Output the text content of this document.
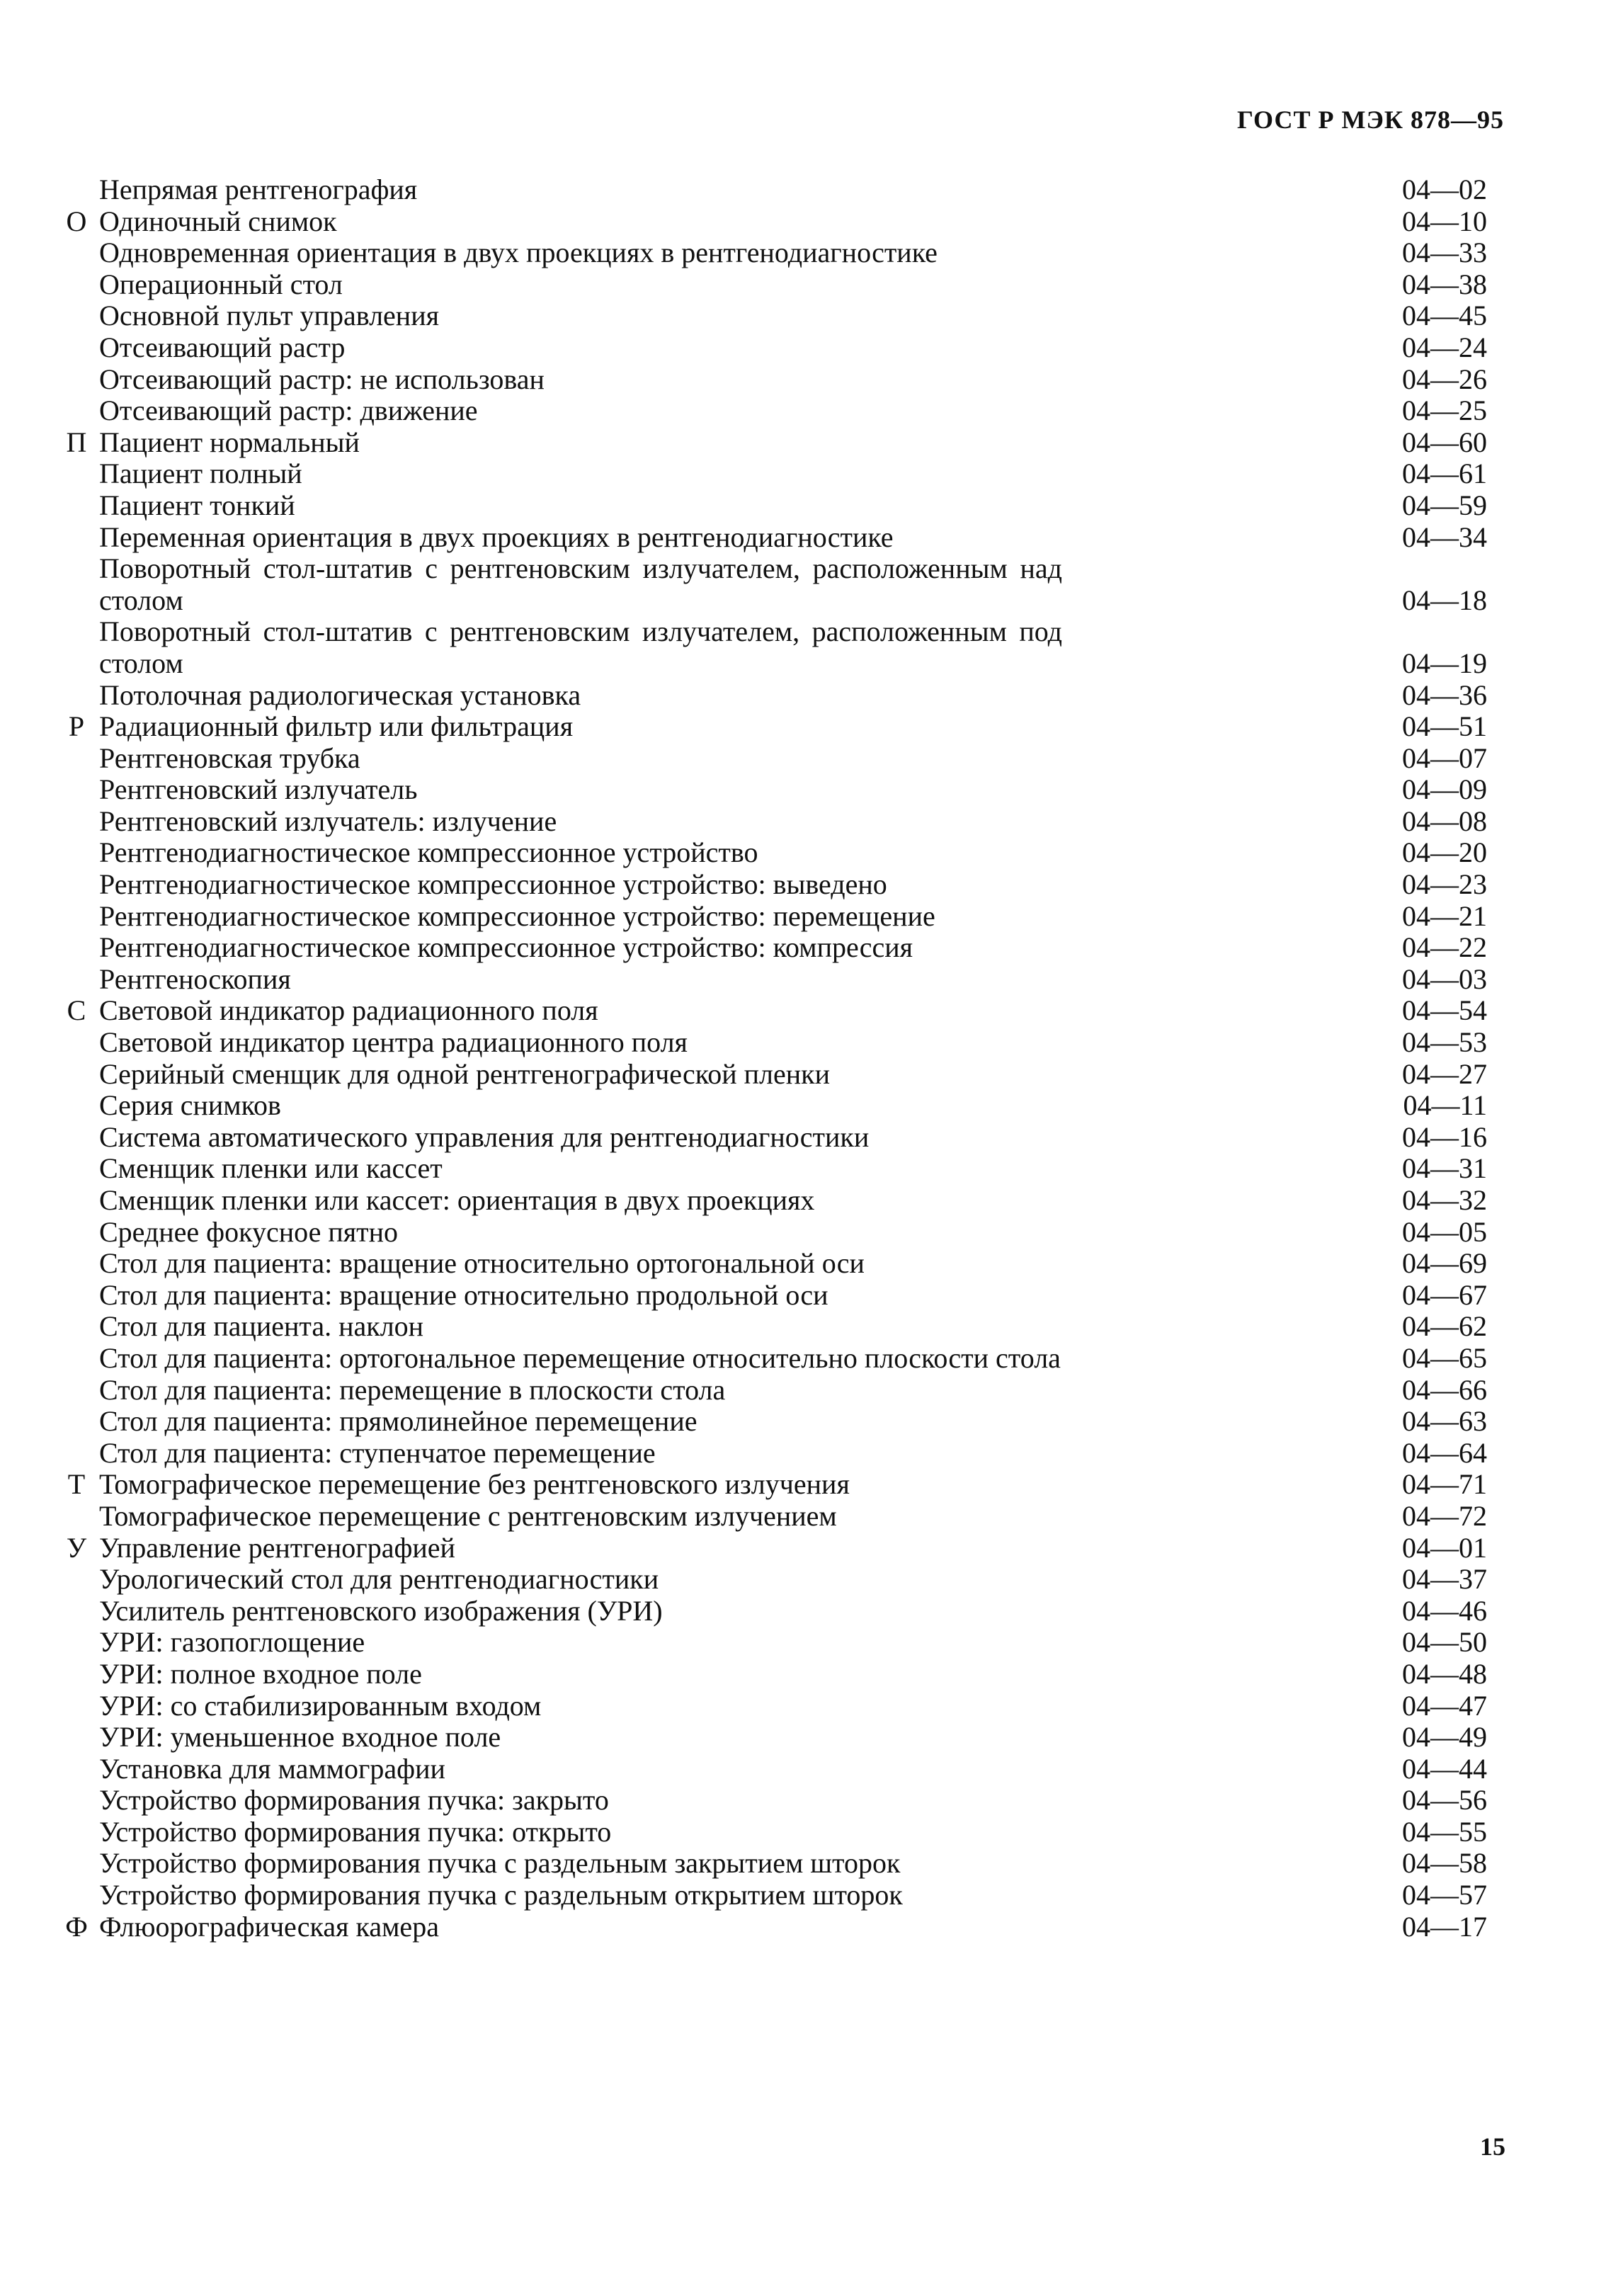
ГОСТ Р МЭК 878—95
Непрямая рентгенография	04—02
О Одиночный снимок	04—10
Одновременная ориентация в двух проекциях в рентгенодиагностике	04—33
Операционный стол	04—38
Основной пульт управления	04—45
Отсеивающий растр	04—24
Отсеивающий растр: не использован	04—26
Отсеивающий растр: движение	04—25
П Пациент нормальный	04—60
Пациент полный	04—61
Пациент тонкий	04—59
Переменная ориентация в двух проекциях в рентгенодиагностике	04—34
Поворотный стол-штатив с рентгеновским излучателем, расположенным над столом	04—18
Поворотный стол-штатив с рентгеновским излучателем, расположенным под столом	04—19
Потолочная радиологическая установка	04—36
Р Радиационный фильтр или фильтрация	04—51
Рентгеновская трубка	04—07
Рентгеновский излучатель	04—09
Рентгеновский излучатель: излучение	04—08
Рентгенодиагностическое компрессионное устройство	04—20
Рентгенодиагностическое компрессионное устройство: выведено	04—23
Рентгенодиагностическое компрессионное устройство: перемещение	04—21
Рентгенодиагностическое компрессионное устройство: компрессия	04—22
Рентгеноскопия	04—03
С Световой индикатор радиационного поля	04—54
Световой индикатор центра радиационного поля	04—53
Серийный сменщик для одной рентгенографической пленки	04—27
Серия снимков	04—11
Система автоматического управления для рентгенодиагностики	04—16
Сменщик пленки или кассет	04—31
Сменщик пленки или кассет: ориентация в двух проекциях	04—32
Среднее фокусное пятно	04—05
Стол для пациента: вращение относительно ортогональной оси	04—69
Стол для пациента: вращение относительно продольной оси	04—67
Стол для пациента. наклон	04—62
Стол для пациента: ортогональное перемещение относительно плоскости стола	04—65
Стол для пациента: перемещение в плоскости стола	04—66
Стол для пациента: прямолинейное перемещение	04—63
Стол для пациента: ступенчатое перемещение	04—64
Т Томографическое перемещение без рентгеновского излучения	04—71
Томографическое перемещение с рентгеновским излучением	04—72
У Управление рентгенографией	04—01
Урологический стол для рентгенодиагностики	04—37
Усилитель рентгеновского изображения (УРИ)	04—46
УРИ: газопоглощение	04—50
УРИ: полное входное поле	04—48
УРИ: со стабилизированным входом	04—47
УРИ: уменьшенное входное поле	04—49
Установка для маммографии	04—44
Устройство формирования пучка: закрыто	04—56
Устройство формирования пучка: открыто	04—55
Устройство формирования пучка с раздельным закрытием шторок	04—58
Устройство формирования пучка с раздельным открытием шторок	04—57
Ф Флюорографическая камера	04—17
15
